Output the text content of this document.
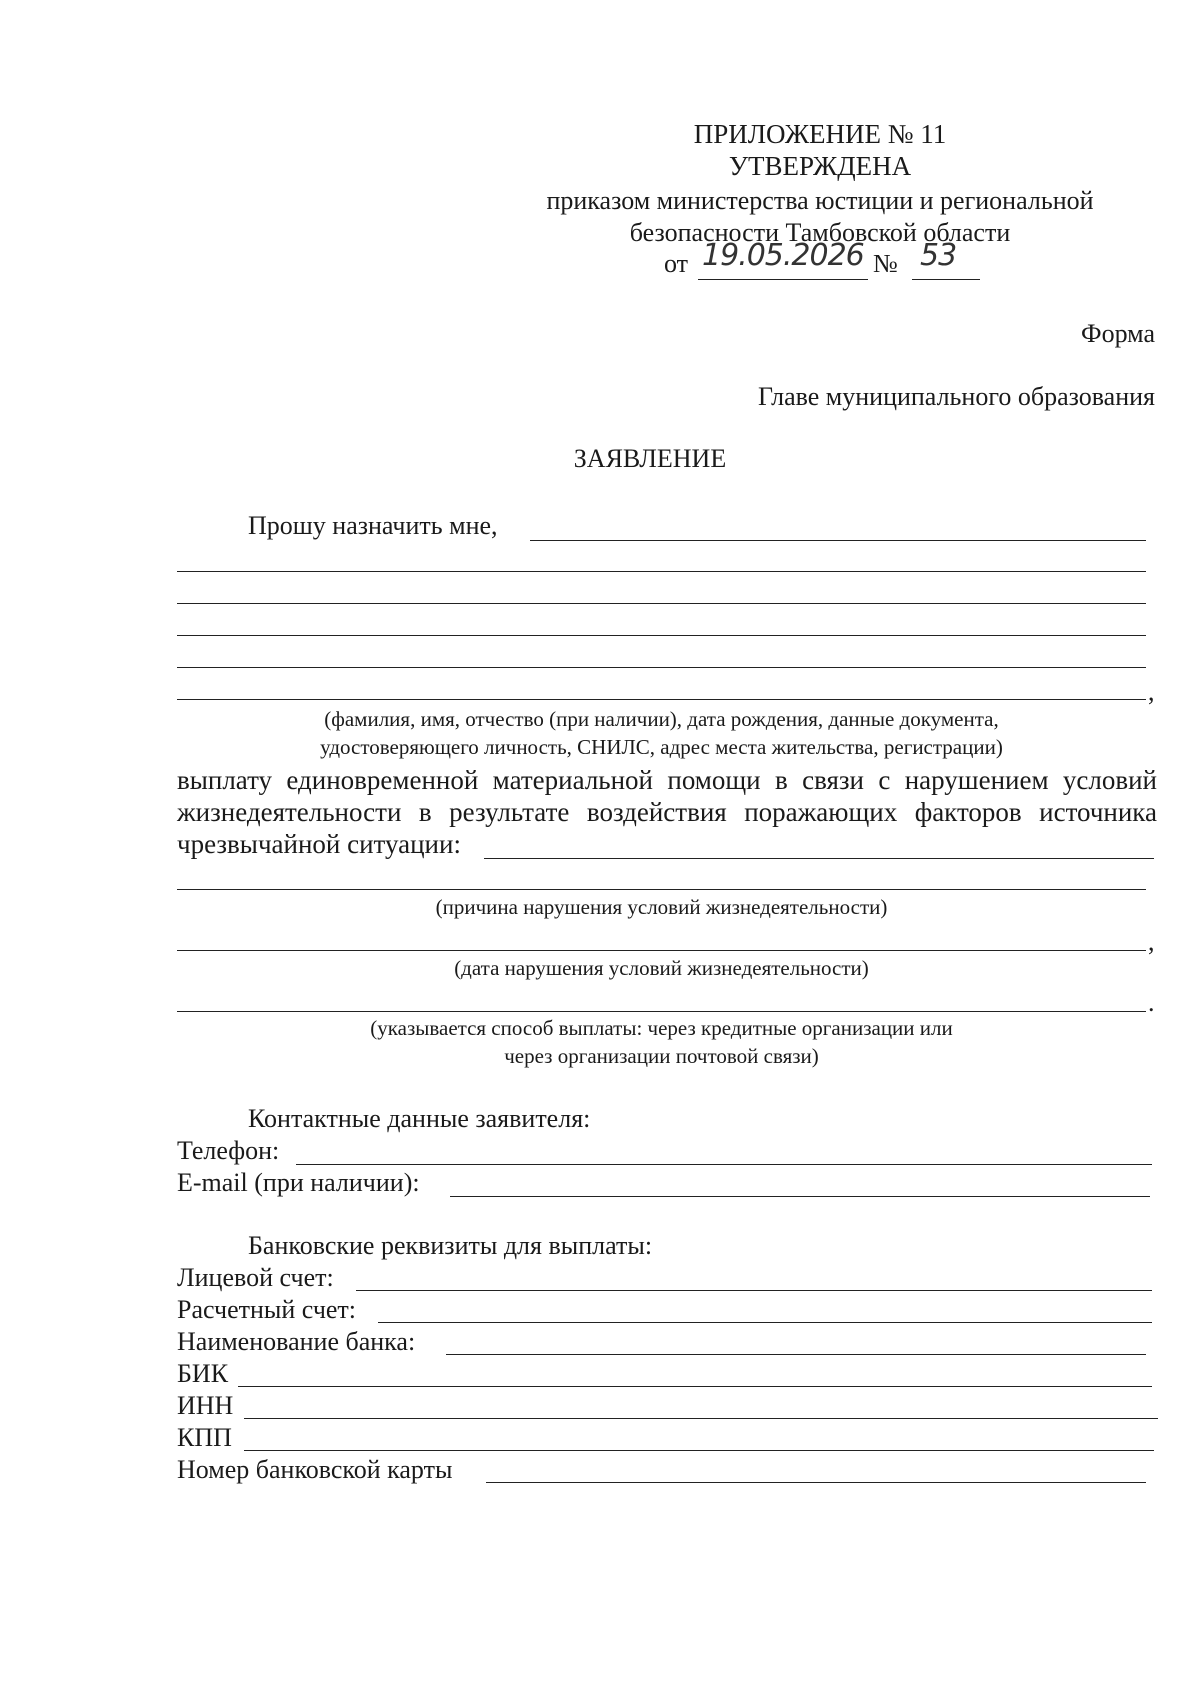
ПРИЛОЖЕНИЕ № 11
УТВЕРЖДЕНА
приказом министерства юстиции и региональной
безопасности Тамбовской области
от 19.05.2026 № 53
Форма
Главе муниципального образования
ЗАЯВЛЕНИЕ
Прошу назначить мне,
,
(фамилия, имя, отчество (при наличии), дата рождения, данные документа,
удостоверяющего личность, СНИЛС, адрес места жительства, регистрации)
выплату единовременной материальной помощи в связи с нарушением условий
жизнедеятельности в результате воздействия поражающих факторов источника
чрезвычайной ситуации:
(причина нарушения условий жизнедеятельности)
,
(дата нарушения условий жизнедеятельности)
.
(указывается способ выплаты: через кредитные организации или
через организации почтовой связи)
Контактные данные заявителя:
Телефон:
E-mail (при наличии):
Банковские реквизиты для выплаты:
Лицевой счет:
Расчетный счет:
Наименование банка:
БИК
ИНН
КПП
Номер банковской карты
